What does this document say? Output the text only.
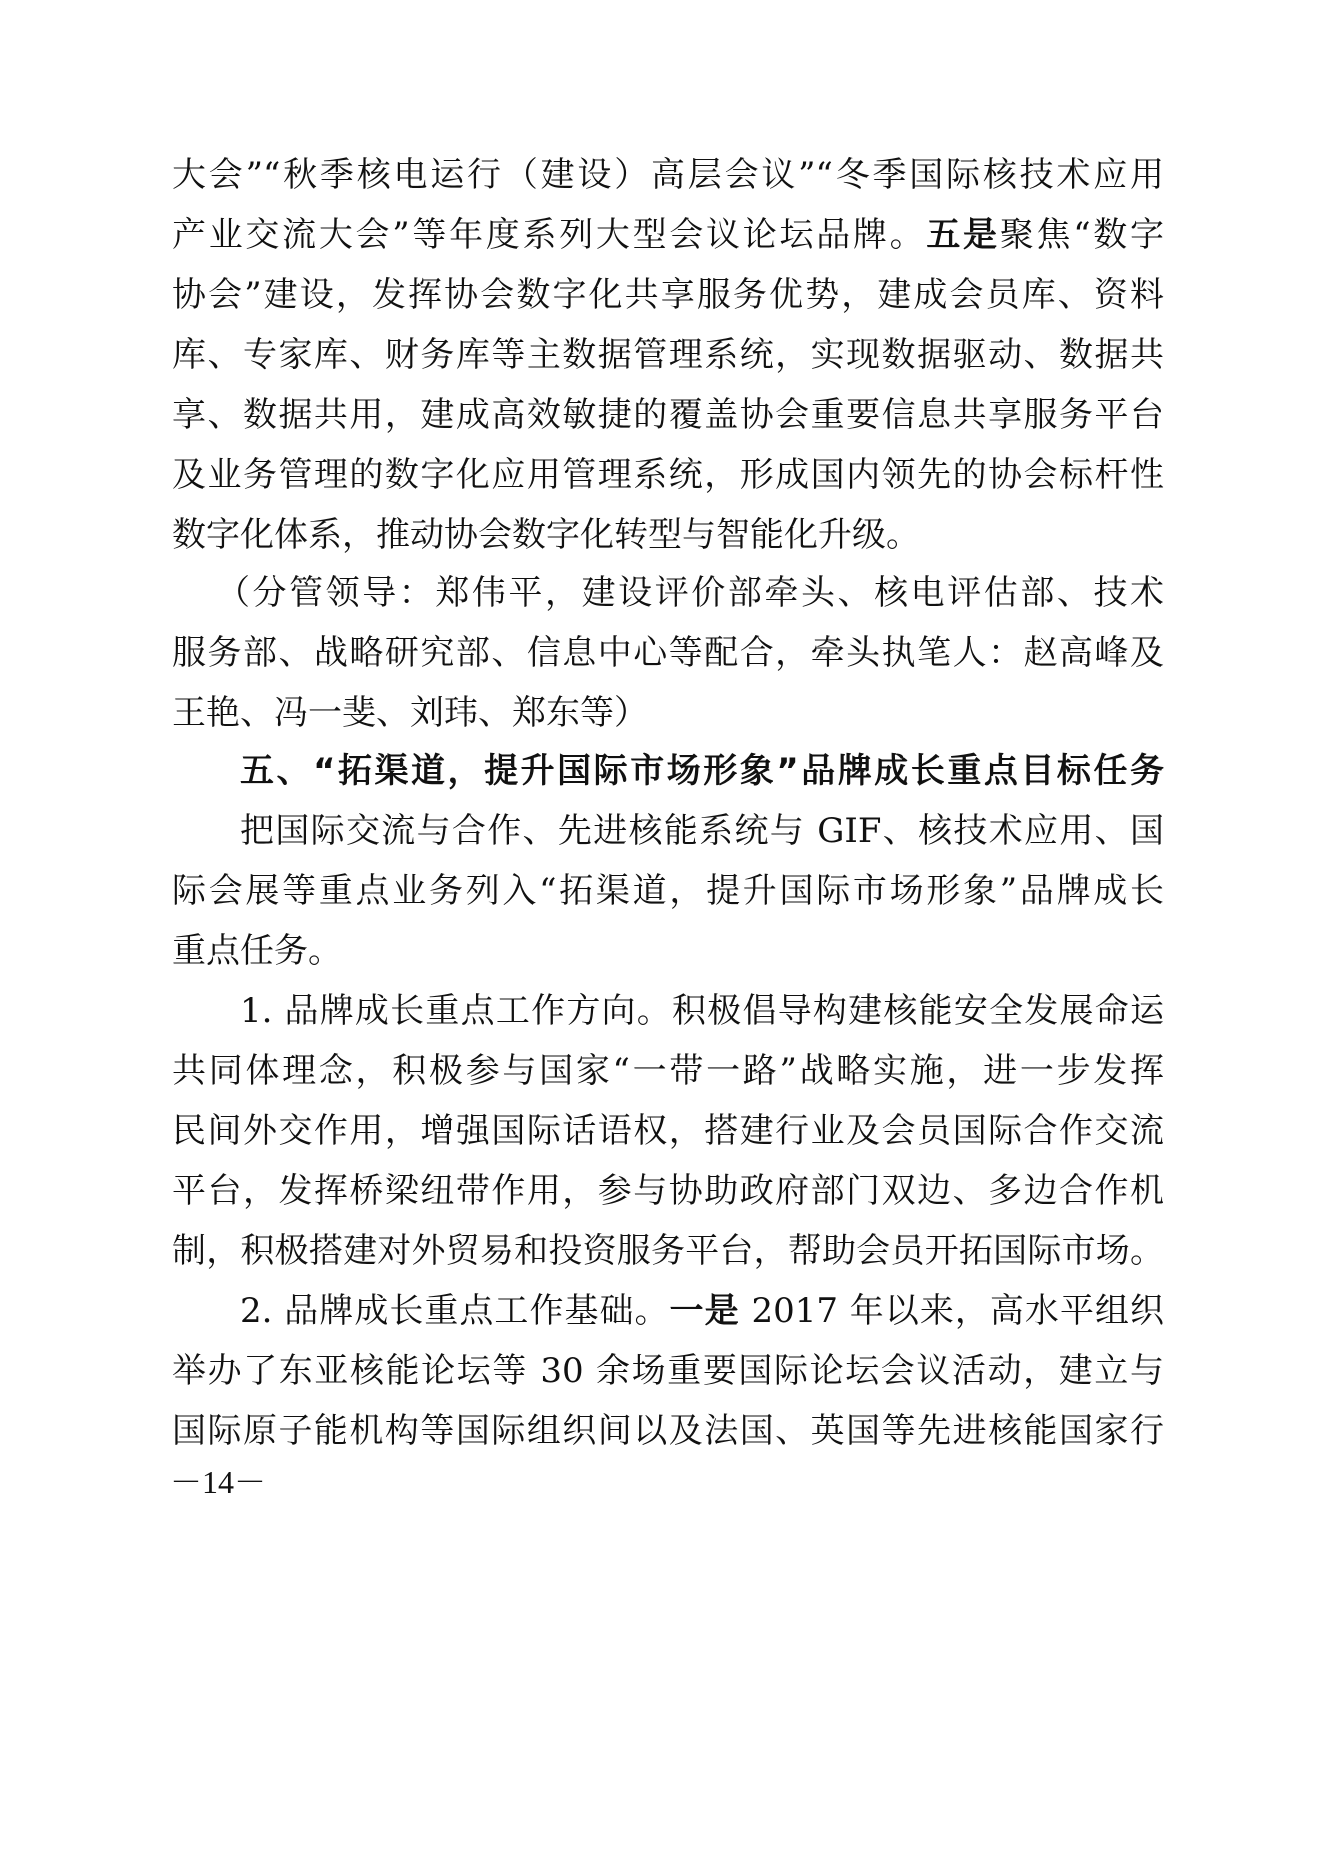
大会”“秋季核电运行（建设）高层会议”“冬季国际核技术应用
产业交流大会”等年度系列大型会议论坛品牌。五是聚焦“数字
协会”建设，发挥协会数字化共享服务优势，建成会员库、资料
库、专家库、财务库等主数据管理系统，实现数据驱动、数据共
享、数据共用，建成高效敏捷的覆盖协会重要信息共享服务平台
及业务管理的数字化应用管理系统，形成国内领先的协会标杆性
数字化体系，推动协会数字化转型与智能化升级。
（分管领导：郑伟平，建设评价部牵头、核电评估部、技术
服务部、战略研究部、信息中心等配合，牵头执笔人：赵高峰及
王艳、冯一斐、刘玮、郑东等）
五、“拓渠道，提升国际市场形象”品牌成长重点目标任务
把国际交流与合作、先进核能系统与 GIF、核技术应用、国
际会展等重点业务列入“拓渠道，提升国际市场形象”品牌成长
重点任务。
1. 品牌成长重点工作方向。积极倡导构建核能安全发展命运
共同体理念，积极参与国家“一带一路”战略实施，进一步发挥
民间外交作用，增强国际话语权，搭建行业及会员国际合作交流
平台，发挥桥梁纽带作用，参与协助政府部门双边、多边合作机
制，积极搭建对外贸易和投资服务平台，帮助会员开拓国际市场。
2. 品牌成长重点工作基础。一是 2017 年以来，高水平组织
举办了东亚核能论坛等 30 余场重要国际论坛会议活动，建立与
国际原子能机构等国际组织间以及法国、英国等先进核能国家行
－14－
